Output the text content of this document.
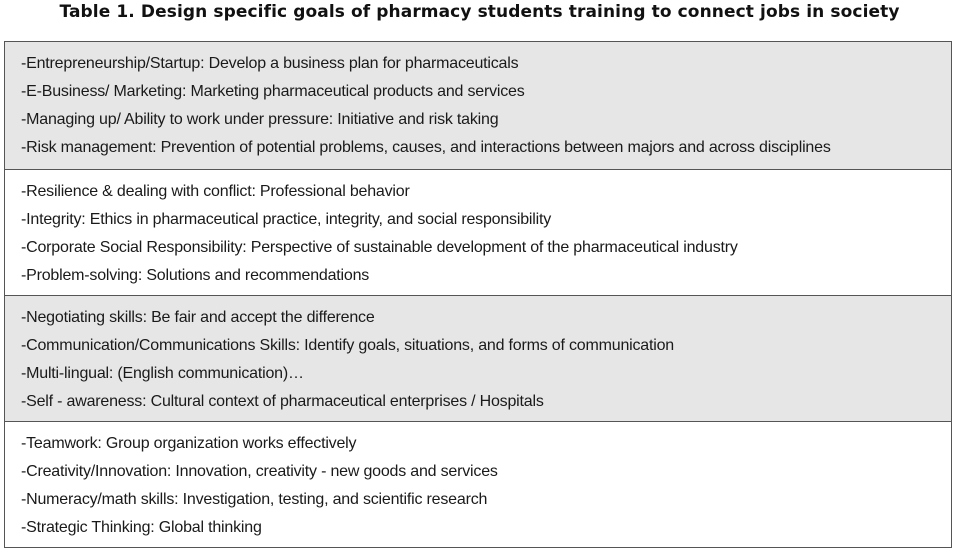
Table 1. Design specific goals of pharmacy students training to connect jobs in society
-Entrepreneurship/Startup: Develop a business plan for pharmaceuticals
-E-Business/ Marketing: Marketing pharmaceutical products and services
-Managing up/ Ability to work under pressure: Initiative and risk taking
-Risk management: Prevention of potential problems, causes, and interactions between majors and across disciplines
-Resilience & dealing with conflict: Professional behavior
-Integrity: Ethics in pharmaceutical practice, integrity, and social responsibility
-Corporate Social Responsibility: Perspective of sustainable development of the pharmaceutical industry
-Problem-solving: Solutions and recommendations
-Negotiating skills: Be fair and accept the difference
-Communication/Communications Skills: Identify goals, situations, and forms of communication
-Multi-lingual: (English communication)…
-Self - awareness: Cultural context of pharmaceutical enterprises / Hospitals
-Teamwork: Group organization works effectively
-Creativity/Innovation: Innovation, creativity - new goods and services
-Numeracy/math skills: Investigation, testing, and scientific research
-Strategic Thinking: Global thinking
